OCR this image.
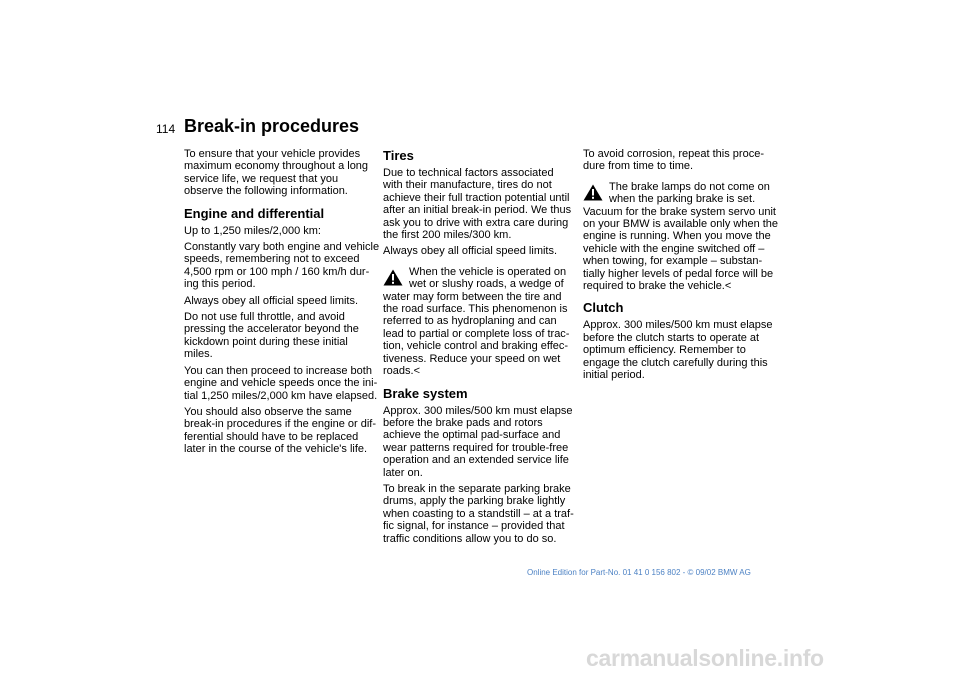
114 Break-in procedures

To ensure that your vehicle provides
maximum economy throughout a long
service life, we request that you
observe the following information.

Engine and differential

Up to 1,250 miles/2,000 km:

Constantly vary both engine and vehicle
speeds, remembering not to exceed
4,500 rpm or 100 mph / 160 km/h dur-
ing this period.

Always obey all official speed limits.

Do not use full throttle, and avoid
pressing the accelerator beyond the
kickdown point during these initial
miles.

You can then proceed to increase both
engine and vehicle speeds once the ini-
tial 1,250 miles/2,000 km have elapsed.

You should also observe the same
break-in procedures if the engine or dif-
ferential should have to be replaced
later in the course of the vehicle's life.

Tires

Due to technical factors associated
with their manufacture, tires do not
achieve their full traction potential until
after an initial break-in period. We thus
ask you to drive with extra care during
the first 200 miles/300 km.

Always obey all official speed limits.

When the vehicle is operated on
wet or slushy roads, a wedge of
water may form between the tire and
the road surface. This phenomenon is
referred to as hydroplaning and can
lead to partial or complete loss of trac-
tion, vehicle control and braking effec-
tiveness. Reduce your speed on wet
roads.<
Brake system

Approx. 300 miles/500 km must elapse
before the brake pads and rotors
achieve the optimal pad-surface and
wear patterns required for trouble-free
operation and an extended service life
later on.

To break in the separate parking brake
drums, apply the parking brake lightly
when coasting to a standstill – at a traf-
fic signal, for instance – provided that
traffic conditions allow you to do so.

To avoid corrosion, repeat this proce-
dure from time to time.

The brake lamps do not come on
when the parking brake is set.
Vacuum for the brake system servo unit
on your BMW is available only when the
engine is running. When you move the
vehicle with the engine switched off –
when towing, for example – substan-
tially higher levels of pedal force will be
required to brake the vehicle.<
Clutch

Approx. 300 miles/500 km must elapse
before the clutch starts to operate at
optimum efficiency. Remember to
engage the clutch carefully during this
initial period.

Online Edition for Part-No. 01 41 0 156 802 - © 09/02 BMW AG
carmanualsonline.info
